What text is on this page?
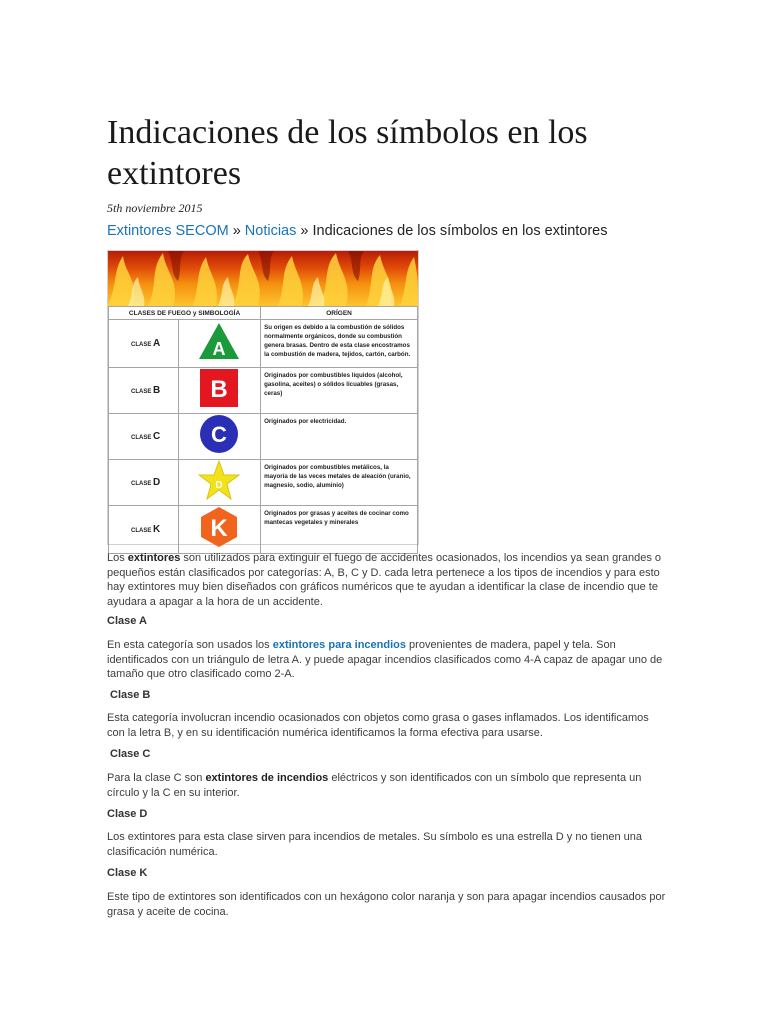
Indicaciones de los símbolos en los extintores
5th noviembre 2015
Extintores SECOM » Noticias » Indicaciones de los símbolos en los extintores
CLASES DE FUEGO y SIMBOLOGÍA		ORÍGEN
CLASE A	A	Su origen es debido a la combustión de sólidos normalmente orgánicos, donde su combustión genera brasas. Dentro de esta clase encostramos la combustión de madera, tejidos, cartón, carbón.
CLASE B	B	Originados por combustibles líquidos (alcohol, gasolina, aceites) o sólidos licuables (grasas, ceras)
CLASE C	C	Originados por electricidad.
CLASE D	D	Originados por combustibles metálicos, la mayoría de las veces metales de aleación (uranio, magnesio, sodio, aluminio)
CLASE K	K	Originados por grasas y aceites de cocinar como mantecas vegetales y minerales

Los extintores son utilizados para extinguir el fuego de accidentes ocasionados, los incendios ya sean grandes o pequeños están clasificados por categorías: A, B, C y D. cada letra pertenece a los tipos de incendios y para esto hay extintores muy bien diseñados con gráficos numéricos que te ayudan a identificar la clase de incendio que te ayudara a apagar a la hora de un accidente.

Clase A

En esta categoría son usados los extintores para incendios provenientes de madera, papel y tela. Son identificados con un triángulo de letra A. y puede apagar incendios clasificados como 4-A capaz de apagar uno de tamaño que otro clasificado como 2-A.

Clase B

Esta categoría involucran incendio ocasionados con objetos como grasa o gases inflamados. Los identificamos con la letra B, y en su identificación numérica identificamos la forma efectiva para usarse.

Clase C

Para la clase C son extintores de incendios eléctricos y son identificados con un símbolo que representa un círculo y la C en su interior.

Clase D

Los extintores para esta clase sirven para incendios de metales. Su símbolo es una estrella D y no tienen una clasificación numérica.

Clase K

Este tipo de extintores son identificados con un hexágono color naranja y son para apagar incendios causados por grasa y aceite de cocina.
